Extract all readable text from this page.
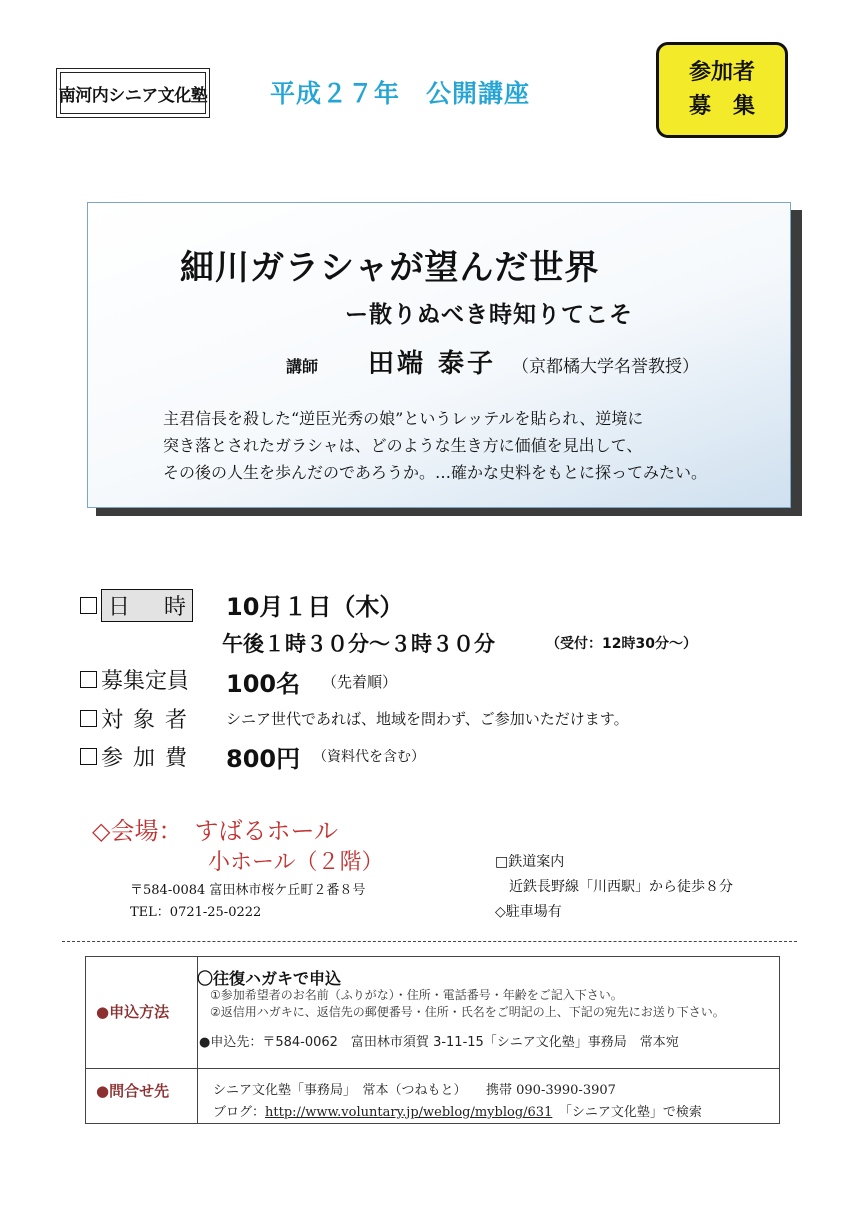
南河内シニア文化塾	平成２７年　公開講座
参加者
募　集
細川ガラシャが望んだ世界
ー散りぬべき時知りてこそ
講師 田端 泰子 （京都橘大学名誉教授）
主君信長を殺した“逆臣光秀の娘”というレッテルを貼られ、逆境に
突き落とされたガラシャは、どのような生き方に価値を見出して、
その後の人生を歩んだのであろうか。…確かな史料をもとに探ってみたい。
日 時 10月１日（木）
午後１時３０分～３時３０分	（受付：12時30分～）
募集定員 100名 （先着順）
対象者 シニア世代であれば、地域を問わず、ご参加いただけます。
参加費 800円 （資料代を含む）
◇会場：　すばるホール
小ホール（２階）
〒584-0084 富田林市桜ケ丘町２番８号
TEL：0721-25-0222
□鉄道案内
近鉄長野線「川西駅」から徒歩８分
◇駐車場有
●申込方法
●問合せ先
〇往復ハガキで申込
①参加希望者のお名前（ふりがな）・住所・電話番号・年齢をご記入下さい。
②返信用ハガキに、返信先の郵便番号・住所・氏名をご明記の上、下記の宛先にお送り下さい。
●申込先：〒584-0062　富田林市須賀 3-11-15「シニア文化塾」事務局　常本宛
シニア文化塾「事務局」　常本（つねもと）　　携帯 090-3990-3907
ブログ：http://www.voluntary.jp/weblog/myblog/631　「シニア文化塾」で検索
